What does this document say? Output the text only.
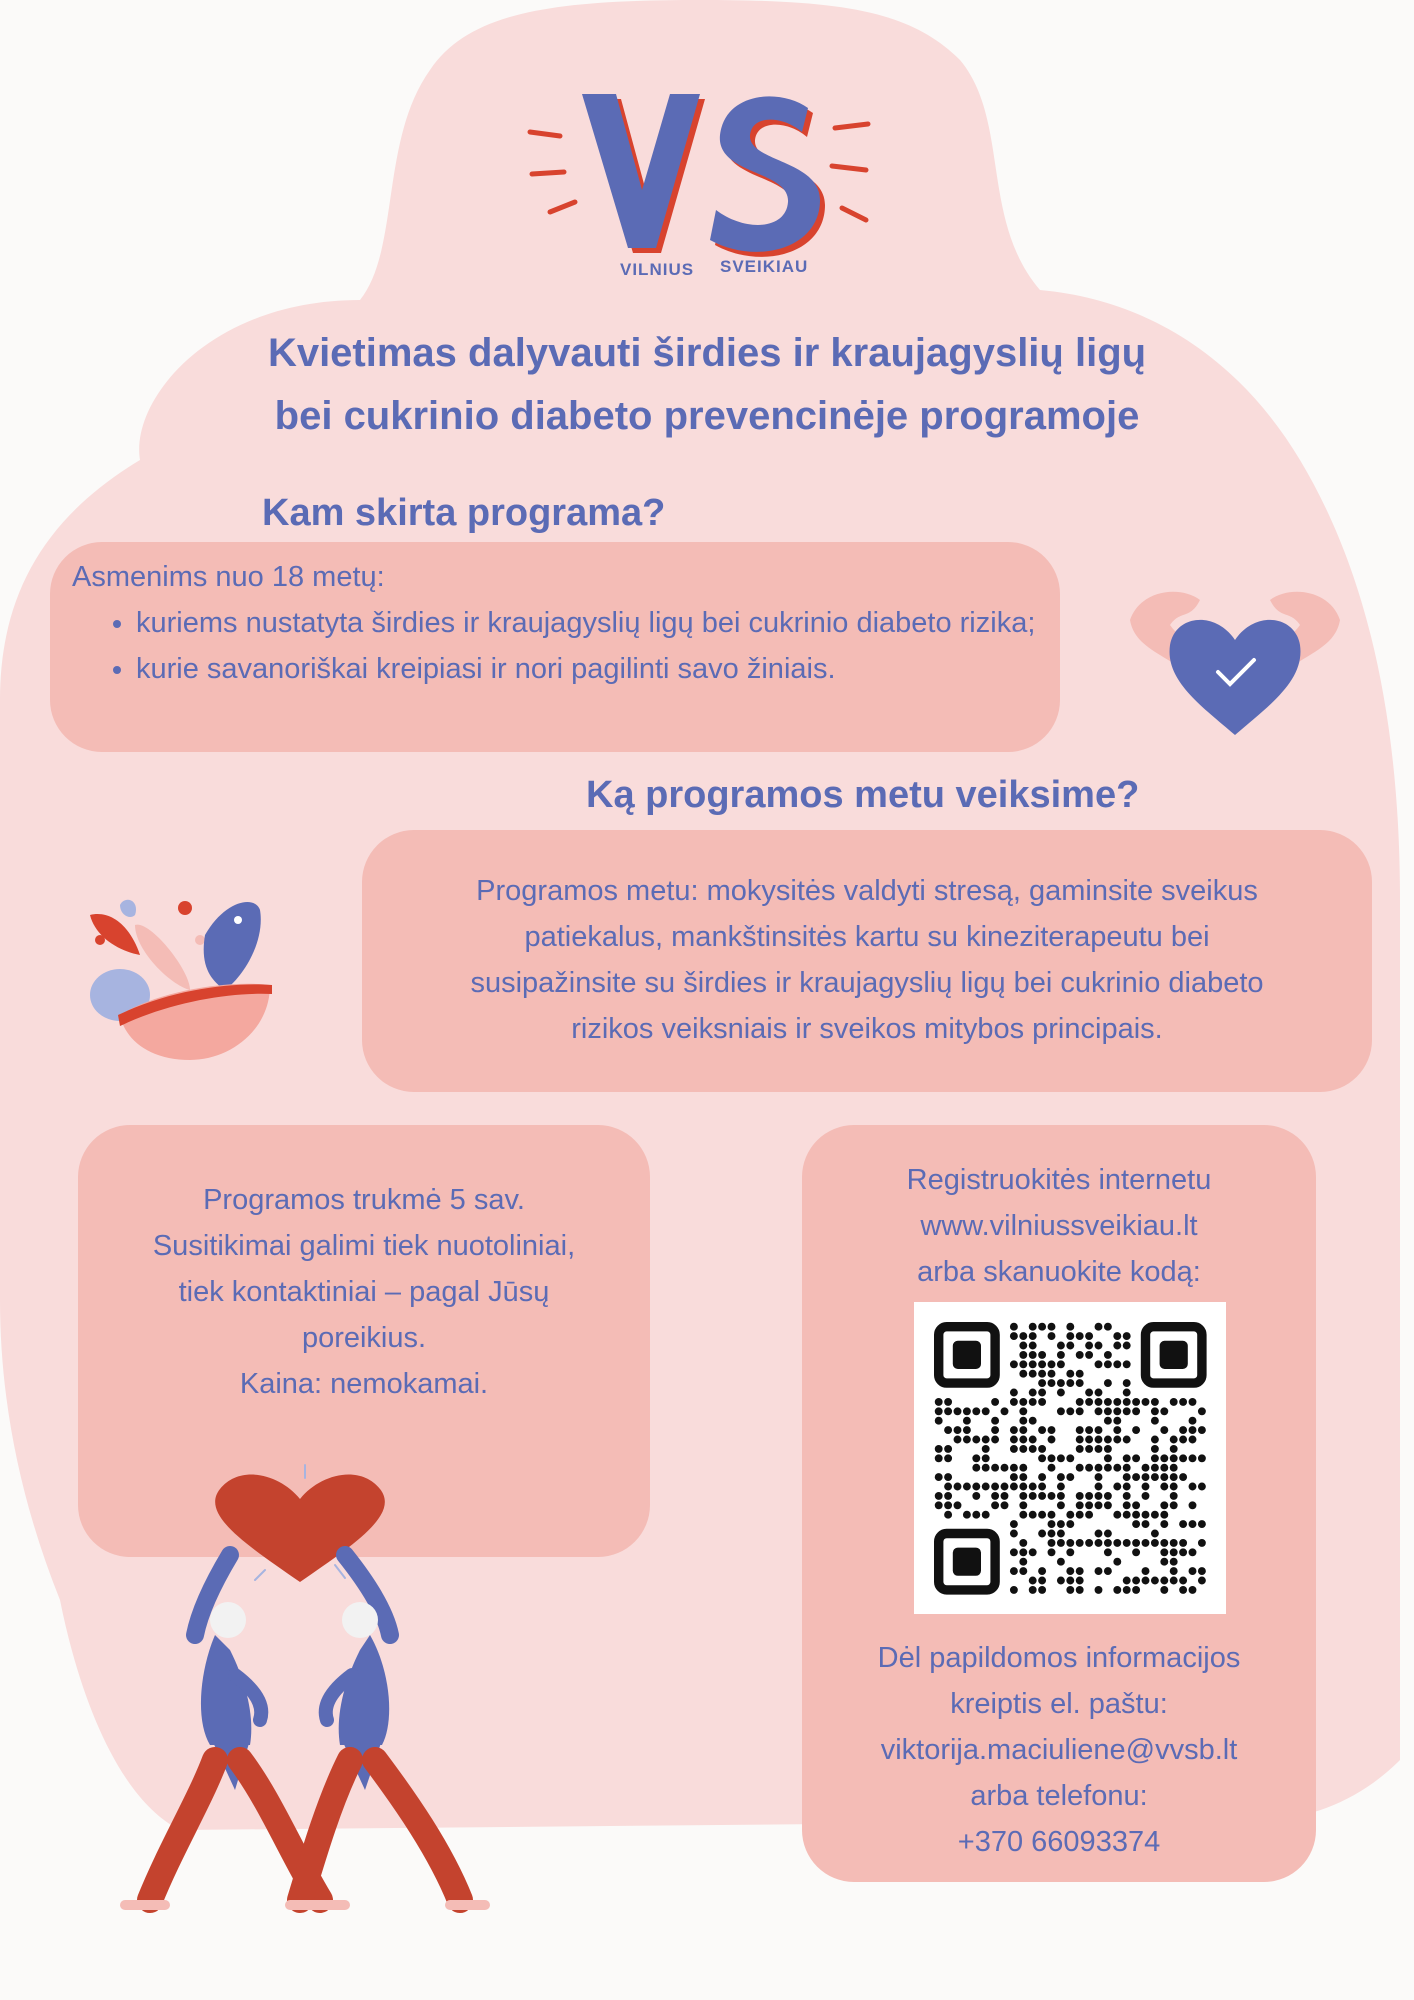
VILNIUS SVEIKIAU
Kvietimas dalyvauti širdies ir kraujagyslių ligų
bei cukrinio diabeto prevencinėje programoje
Kam skirta programa?
Asmenims nuo 18 metų:
• kuriems nustatyta širdies ir kraujagyslių ligų bei cukrinio diabeto rizika;
• kurie savanoriškai kreipiasi ir nori pagilinti savo žiniais.
Ką programos metu veiksime?
Programos metu: mokysitės valdyti stresą, gaminsite sveikus
patiekalus, mankštinsitės kartu su kineziterapeutu bei
susipažinsite su širdies ir kraujagyslių ligų bei cukrinio diabeto
rizikos veiksniais ir sveikos mitybos principais.
Programos trukmė 5 sav.
Susitikimai galimi tiek nuotoliniai,
tiek kontaktiniai – pagal Jūsų
poreikius.
Kaina: nemokamai.
Registruokitės internetu
www.vilniussveikiau.lt
arba skanuokite kodą:
Dėl papildomos informacijos
kreiptis el. paštu:
viktorija.maciuliene@vvsb.lt
arba telefonu:
+370 66093374
